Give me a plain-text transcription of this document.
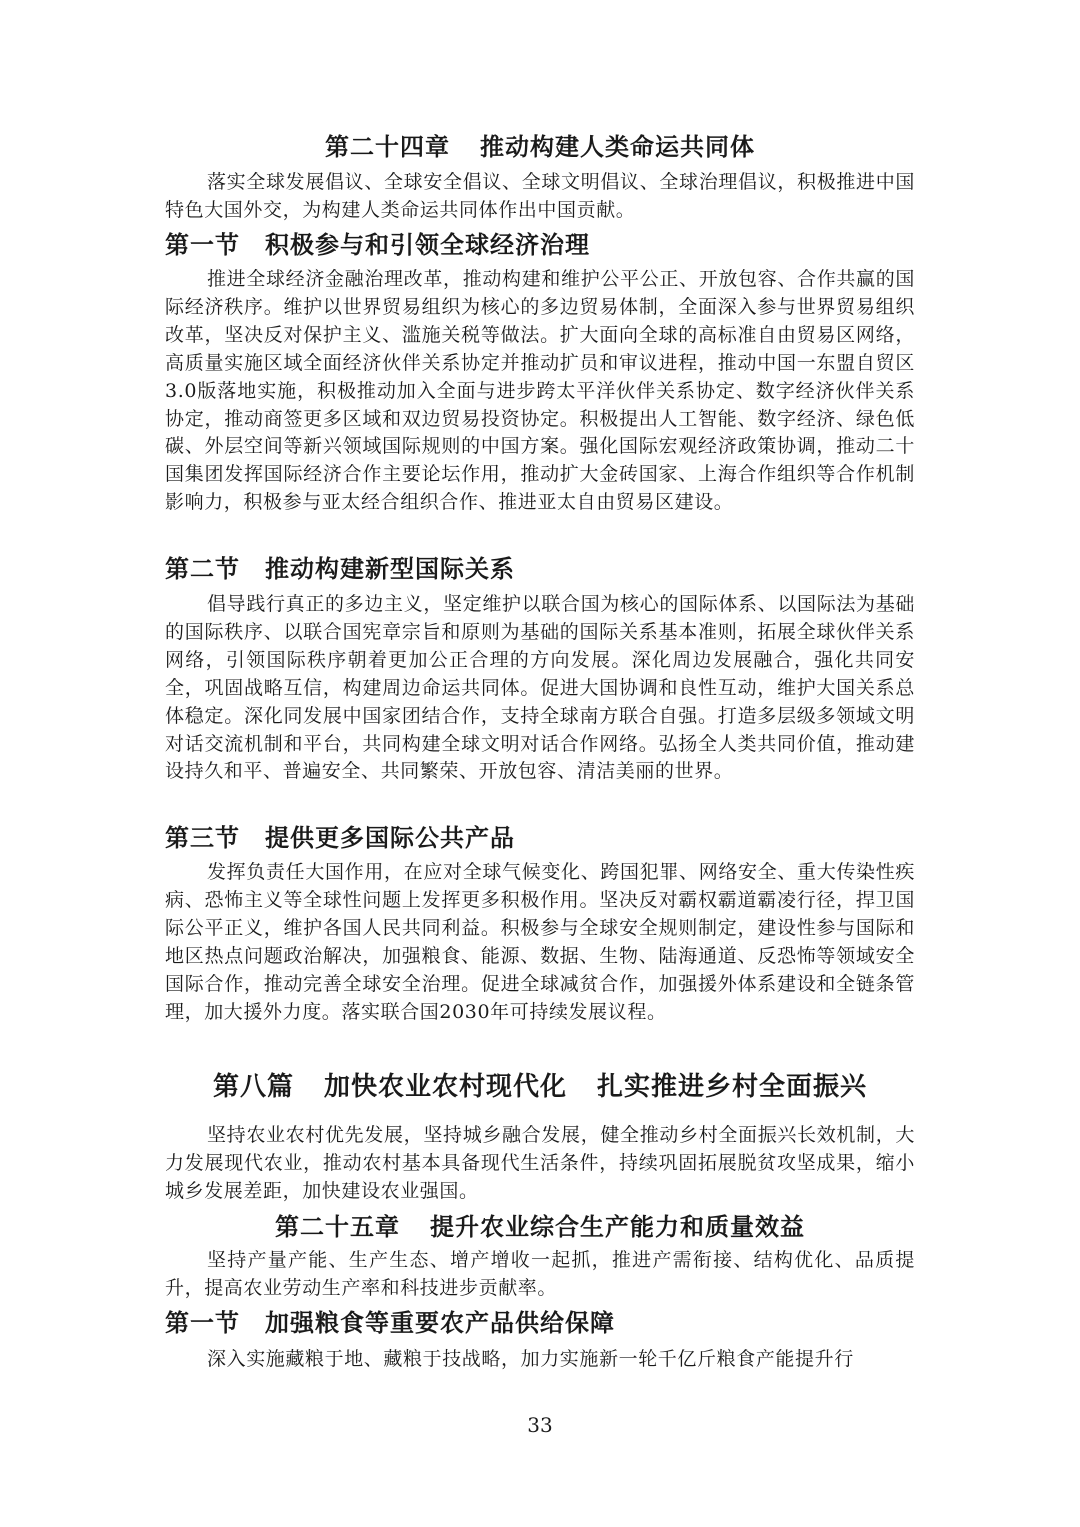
第二十四章 推动构建人类命运共同体

落实全球发展倡议、全球安全倡议、全球文明倡议、全球治理倡议，积极推进中国特色大国外交，为构建人类命运共同体作出中国贡献。

第一节 积极参与和引领全球经济治理

推进全球经济金融治理改革，推动构建和维护公平公正、开放包容、合作共赢的国际经济秩序。维护以世界贸易组织为核心的多边贸易体制，全面深入参与世界贸易组织改革，坚决反对保护主义、滥施关税等做法。扩大面向全球的高标准自由贸易区网络，高质量实施区域全面经济伙伴关系协定并推动扩员和审议进程，推动中国一东盟自贸区3.0版落地实施，积极推动加入全面与进步跨太平洋伙伴关系协定、数字经济伙伴关系协定，推动商签更多区域和双边贸易投资协定。积极提出人工智能、数字经济、绿色低碳、外层空间等新兴领域国际规则的中国方案。强化国际宏观经济政策协调，推动二十国集团发挥国际经济合作主要论坛作用，推动扩大金砖国家、上海合作组织等合作机制影响力，积极参与亚太经合组织合作、推进亚太自由贸易区建设。

第二节 推动构建新型国际关系

倡导践行真正的多边主义，坚定维护以联合国为核心的国际体系、以国际法为基础的国际秩序、以联合国宪章宗旨和原则为基础的国际关系基本准则，拓展全球伙伴关系网络，引领国际秩序朝着更加公正合理的方向发展。深化周边发展融合，强化共同安全，巩固战略互信，构建周边命运共同体。促进大国协调和良性互动，维护大国关系总体稳定。深化同发展中国家团结合作，支持全球南方联合自强。打造多层级多领域文明对话交流机制和平台，共同构建全球文明对话合作网络。弘扬全人类共同价值，推动建设持久和平、普遍安全、共同繁荣、开放包容、清洁美丽的世界。

第三节 提供更多国际公共产品

发挥负责任大国作用，在应对全球气候变化、跨国犯罪、网络安全、重大传染性疾病、恐怖主义等全球性问题上发挥更多积极作用。坚决反对霸权霸道霸凌行径，捍卫国际公平正义，维护各国人民共同利益。积极参与全球安全规则制定，建设性参与国际和地区热点问题政治解决，加强粮食、能源、数据、生物、陆海通道、反恐怖等领域安全国际合作，推动完善全球安全治理。促进全球减贫合作，加强援外体系建设和全链条管理，加大援外力度。落实联合国2030年可持续发展议程。

第八篇 加快农业农村现代化 扎实推进乡村全面振兴

坚持农业农村优先发展，坚持城乡融合发展，健全推动乡村全面振兴长效机制，大力发展现代农业，推动农村基本具备现代生活条件，持续巩固拓展脱贫攻坚成果，缩小城乡发展差距，加快建设农业强国。

第二十五章 提升农业综合生产能力和质量效益

坚持产量产能、生产生态、增产增收一起抓，推进产需衔接、结构优化、品质提升，提高农业劳动生产率和科技进步贡献率。

第一节 加强粮食等重要农产品供给保障

深入实施藏粮于地、藏粮于技战略，加力实施新一轮千亿斤粮食产能提升行

33
